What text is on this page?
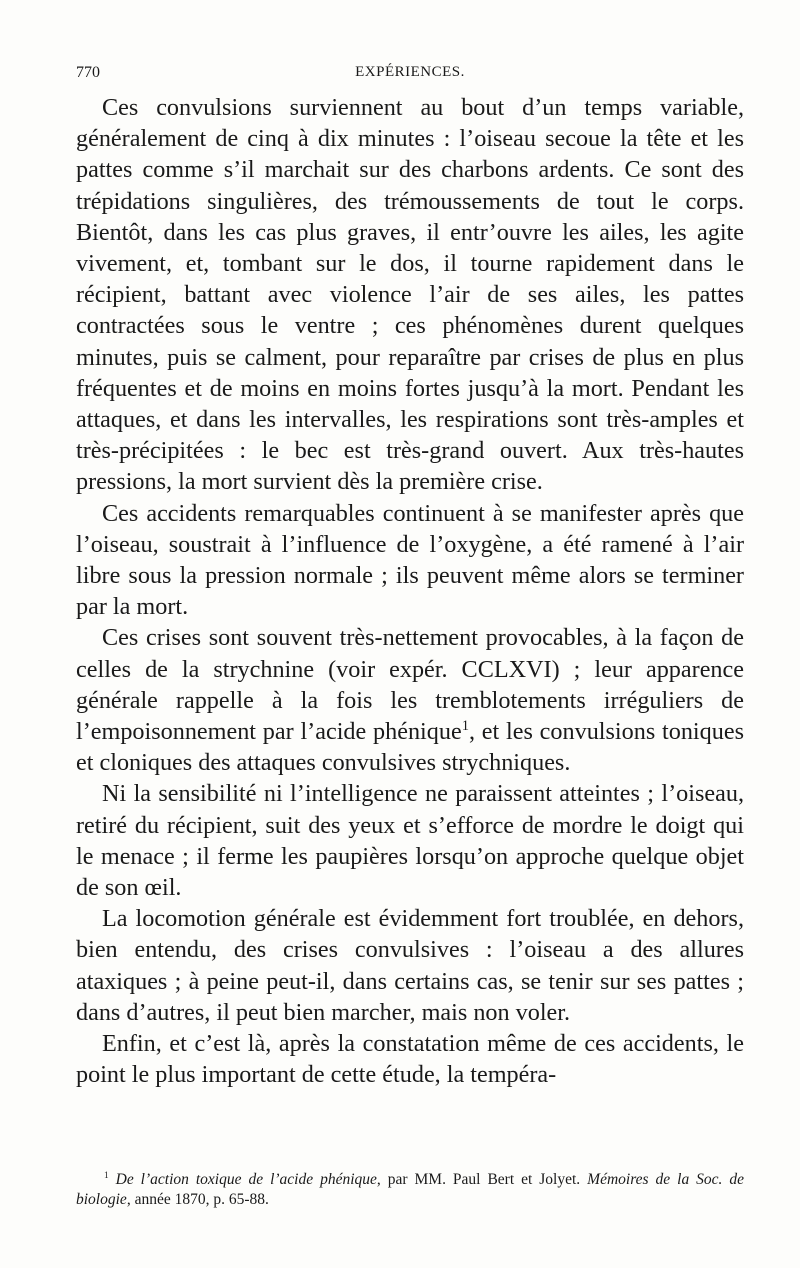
770	EXPÉRIENCES.

Ces convulsions surviennent au bout d’un temps variable, généralement de cinq à dix minutes : l’oiseau secoue la tête et les pattes comme s’il marchait sur des charbons ardents. Ce sont des trépidations singulières, des trémoussements de tout le corps. Bientôt, dans les cas plus graves, il entr’ouvre les ailes, les agite vivement, et, tombant sur le dos, il tourne rapidement dans le récipient, battant avec violence l’air de ses ailes, les pattes contractées sous le ventre ; ces phénomènes durent quelques minutes, puis se calment, pour reparaître par crises de plus en plus fréquentes et de moins en moins fortes jusqu’à la mort. Pendant les attaques, et dans les intervalles, les respirations sont très-amples et très-précipitées : le bec est très-grand ouvert. Aux très-hautes pressions, la mort survient dès la première crise.

Ces accidents remarquables continuent à se manifester après que l’oiseau, soustrait à l’influence de l’oxygène, a été ramené à l’air libre sous la pression normale ; ils peuvent même alors se terminer par la mort.

Ces crises sont souvent très-nettement provocables, à la façon de celles de la strychnine (voir expér. CCLXVI) ; leur apparence générale rappelle à la fois les tremblotements irréguliers de l’empoisonnement par l’acide phénique$^1$, et les convulsions toniques et cloniques des attaques convulsives strychniques.

Ni la sensibilité ni l’intelligence ne paraissent atteintes ; l’oiseau, retiré du récipient, suit des yeux et s’efforce de mordre le doigt qui le menace ; il ferme les paupières lorsqu’on approche quelque objet de son œil.

La locomotion générale est évidemment fort troublée, en dehors, bien entendu, des crises convulsives : l’oiseau a des allures ataxiques ; à peine peut-il, dans certains cas, se tenir sur ses pattes ; dans d’autres, il peut bien marcher, mais non voler.

Enfin, et c’est là, après la constatation même de ces accidents, le point le plus important de cette étude, la tempéra-

$^1$ De l’action toxique de l’acide phénique, par MM. Paul Bert et Jolyet. Mémoires de la Soc. de biologie, année 1870, p. 65-88.
